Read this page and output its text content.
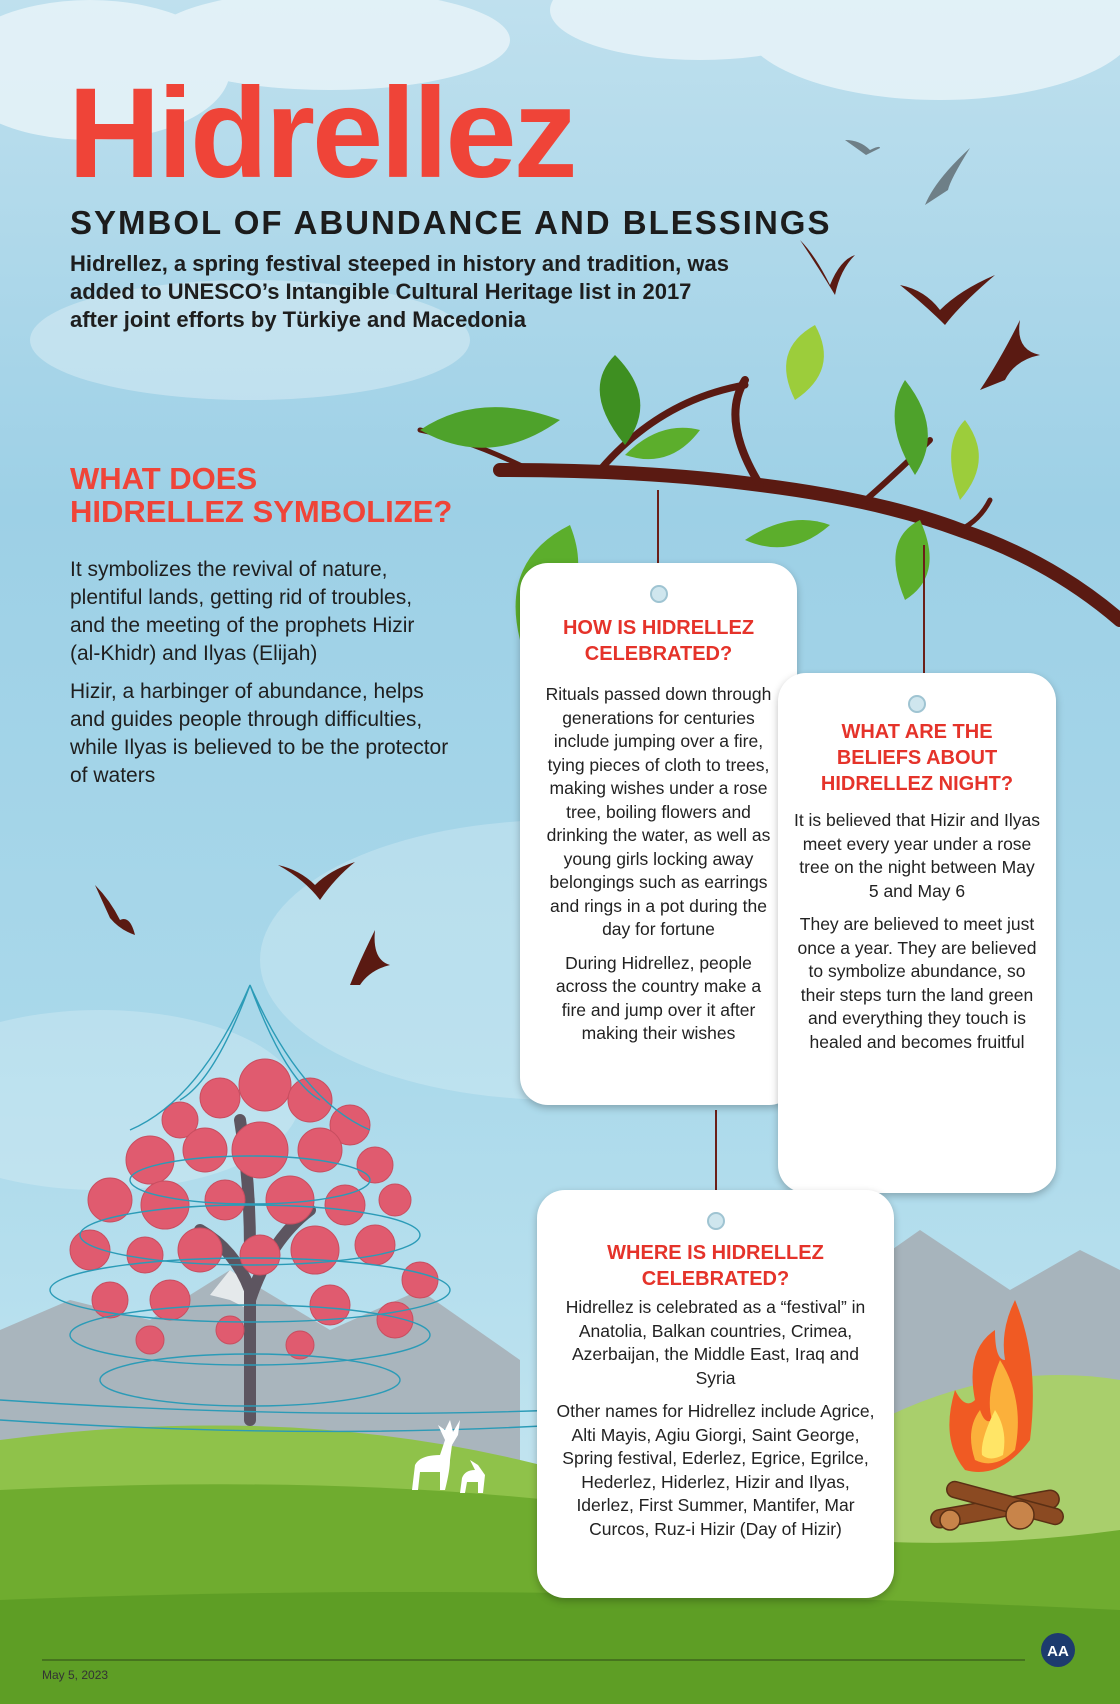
Hidrellez
SYMBOL OF ABUNDANCE AND BLESSINGS
Hidrellez, a spring festival steeped in history and tradition, was added to UNESCO’s Intangible Cultural Heritage list in 2017 after joint efforts by Türkiye and Macedonia
WHAT DOES
HIDRELLEZ SYMBOLIZE?

It symbolizes the revival of nature, plentiful lands, getting rid of troubles, and the meeting of the prophets Hizir (al-Khidr) and Ilyas (Elijah)

Hizir, a harbinger of abundance, helps and guides people through difficulties, while Ilyas is believed to be the protector of waters

HOW IS HIDRELLEZ CELEBRATED?

Rituals passed down through generations for centuries include jumping over a fire, tying pieces of cloth to trees, making wishes under a rose tree, boiling flowers and drinking the water, as well as young girls locking away belongings such as earrings and rings in a pot during the day for fortune

During Hidrellez, people across the country make a fire and jump over it after making their wishes

WHAT ARE THE BELIEFS ABOUT HIDRELLEZ NIGHT?

It is believed that Hizir and Ilyas meet every year under a rose tree on the night between May 5 and May 6

They are believed to meet just once a year. They are believed to symbolize abundance, so their steps turn the land green and everything they touch is healed and becomes fruitful

WHERE IS HIDRELLEZ CELEBRATED?

Hidrellez is celebrated as a “festival” in Anatolia, Balkan countries, Crimea, Azerbaijan, the Middle East, Iraq and Syria

Other names for Hidrellez include Agrice, Alti Mayis, Agiu Giorgi, Saint George, Spring festival, Ederlez, Egrice, Egrilce, Hederlez, Hiderlez, Hizir and Ilyas, Iderlez, First Summer, Mantifer, Mar Curcos, Ruz-i Hizir (Day of Hizir)

May 5, 2023
AA
